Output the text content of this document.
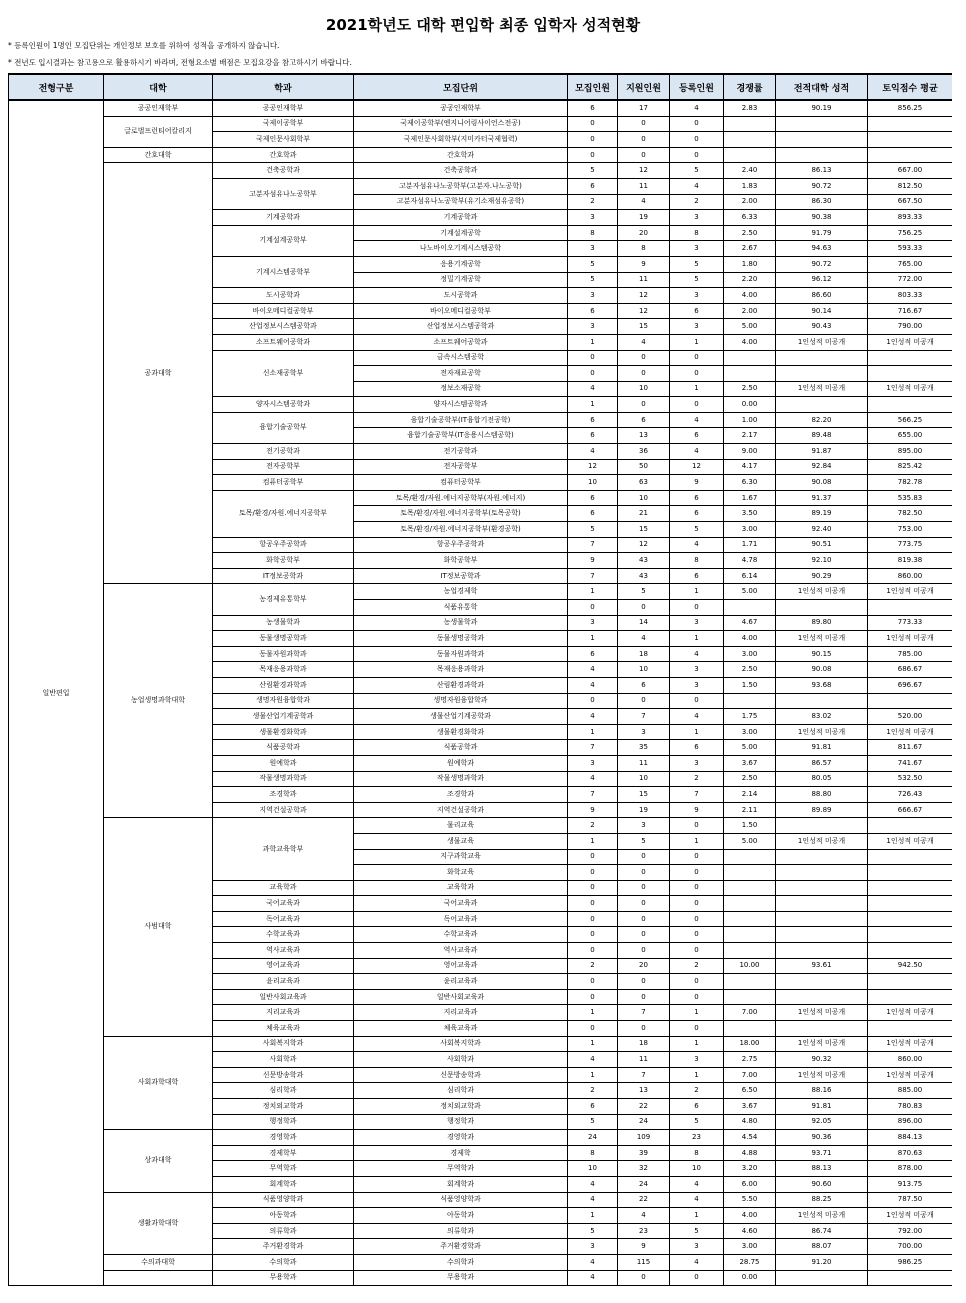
2021학년도 대학 편입학 최종 입학자 성적현황

* 등록인원이 1명인 모집단위는 개인정보 보호를 위하여 성적을 공개하지 않습니다.

* 전년도 입시결과는 참고용으로 활용하시기 바라며, 전형요소별 배점은 모집요강을 참고하시기 바랍니다.

전형구분	대학	학과	모집단위	모집인원	지원인원	등록인원	경쟁률	전적대학 성적	토익점수 평균
일반편입	공공인재학부	공공인재학부	공공인재학부	6	17	4	2.83	90.19	856.25
	글로벌프런티어칼리지	국제이공학부	국제이공학부(엔지니어링사이언스전공)	0	0	0			
		국제인문사회학부	국제인문사회학부(지미카터국제협력)	0	0	0			
	간호대학	간호학과	간호학과	0	0	0			
	공과대학	건축공학과	건축공학과	5	12	5	2.40	86.13	667.00
		고분자섬유나노공학부	고분자섬유나노공학부(고분자.나노공학)	6	11	4	1.83	90.72	812.50
			고분자섬유나노공학부(유기소재섬유공학)	2	4	2	2.00	86.30	667.50
		기계공학과	기계공학과	3	19	3	6.33	90.38	893.33
		기계설계공학부	기계설계공학	8	20	8	2.50	91.79	756.25
			나노바이오기계시스템공학	3	8	3	2.67	94.63	593.33
		기계시스템공학부	응용기계공학	5	9	5	1.80	90.72	765.00
			정밀기계공학	5	11	5	2.20	96.12	772.00
		도시공학과	도시공학과	3	12	3	4.00	86.60	803.33
		바이오메디컬공학부	바이오메디컬공학부	6	12	6	2.00	90.14	716.67
		산업정보시스템공학과	산업정보시스템공학과	3	15	3	5.00	90.43	790.00
		소프트웨어공학과	소프트웨어공학과	1	4	1	4.00	1인성적 미공개	1인성적 미공개
		신소재공학부	금속시스템공학	0	0	0			
			전자재료공학	0	0	0			
			정보소재공학	4	10	1	2.50	1인성적 미공개	1인성적 미공개
		양자시스템공학과	양자시스템공학과	1	0	0	0.00		
		융합기술공학부	융합기술공학부(IT융합기전공학)	6	6	4	1.00	82.20	566.25
			융합기술공학부(IT응용시스템공학)	6	13	6	2.17	89.48	655.00
		전기공학과	전기공학과	4	36	4	9.00	91.87	895.00
		전자공학부	전자공학부	12	50	12	4.17	92.84	825.42
		컴퓨터공학부	컴퓨터공학부	10	63	9	6.30	90.08	782.78
		토목/환경/자원.에너지공학부	토목/환경/자원.에너지공학부(자원.에너지)	6	10	6	1.67	91.37	535.83
			토목/환경/자원.에너지공학부(토목공학)	6	21	6	3.50	89.19	782.50
			토목/환경/자원.에너지공학부(환경공학)	5	15	5	3.00	92.40	753.00
		항공우주공학과	항공우주공학과	7	12	4	1.71	90.51	773.75
		화학공학부	화학공학부	9	43	8	4.78	92.10	819.38
		IT정보공학과	IT정보공학과	7	43	6	6.14	90.29	860.00
	농업생명과학대학	농경제유통학부	농업경제학	1	5	1	5.00	1인성적 미공개	1인성적 미공개
			식품유통학	0	0	0			
		농생물학과	농생물학과	3	14	3	4.67	89.80	773.33
		동물생명공학과	동물생명공학과	1	4	1	4.00	1인성적 미공개	1인성적 미공개
		동물자원과학과	동물자원과학과	6	18	4	3.00	90.15	785.00
		목재응용과학과	목재응용과학과	4	10	3	2.50	90.08	686.67
		산림환경과학과	산림환경과학과	4	6	3	1.50	93.68	696.67
		생명자원융합학과	생명자원융합학과	0	0	0			
		생물산업기계공학과	생물산업기계공학과	4	7	4	1.75	83.02	520.00
		생물환경화학과	생물환경화학과	1	3	1	3.00	1인성적 미공개	1인성적 미공개
		식품공학과	식품공학과	7	35	6	5.00	91.81	811.67
		원예학과	원예학과	3	11	3	3.67	86.57	741.67
		작물생명과학과	작물생명과학과	4	10	2	2.50	80.05	532.50
		조경학과	조경학과	7	15	7	2.14	88.80	726.43
		지역건설공학과	지역건설공학과	9	19	9	2.11	89.89	666.67
	사범대학	과학교육학부	물리교육	2	3	0	1.50		
			생물교육	1	5	1	5.00	1인성적 미공개	1인성적 미공개
			지구과학교육	0	0	0			
			화학교육	0	0	0			
		교육학과	교육학과	0	0	0			
		국어교육과	국어교육과	0	0	0			
		독어교육과	독어교육과	0	0	0			
		수학교육과	수학교육과	0	0	0			
		역사교육과	역사교육과	0	0	0			
		영어교육과	영어교육과	2	20	2	10.00	93.61	942.50
		윤리교육과	윤리교육과	0	0	0			
		일반사회교육과	일반사회교육과	0	0	0			
		지리교육과	지리교육과	1	7	1	7.00	1인성적 미공개	1인성적 미공개
		체육교육과	체육교육과	0	0	0			
	사회과학대학	사회복지학과	사회복지학과	1	18	1	18.00	1인성적 미공개	1인성적 미공개
		사회학과	사회학과	4	11	3	2.75	90.32	860.00
		신문방송학과	신문방송학과	1	7	1	7.00	1인성적 미공개	1인성적 미공개
		심리학과	심리학과	2	13	2	6.50	88.16	885.00
		정치외교학과	정치외교학과	6	22	6	3.67	91.81	780.83
		행정학과	행정학과	5	24	5	4.80	92.05	896.00
	상과대학	경영학과	경영학과	24	109	23	4.54	90.36	884.13
		경제학부	경제학	8	39	8	4.88	93.71	870.63
		무역학과	무역학과	10	32	10	3.20	88.13	878.00
		회계학과	회계학과	4	24	4	6.00	90.60	913.75
	생활과학대학	식품영양학과	식품영양학과	4	22	4	5.50	88.25	787.50
		아동학과	아동학과	1	4	1	4.00	1인성적 미공개	1인성적 미공개
		의류학과	의류학과	5	23	5	4.60	86.74	792.00
		주거환경학과	주거환경학과	3	9	3	3.00	88.07	700.00
	수의과대학	수의학과	수의학과	4	115	4	28.75	91.20	986.25
		무용학과	무용학과	4	0	0	0.00		
